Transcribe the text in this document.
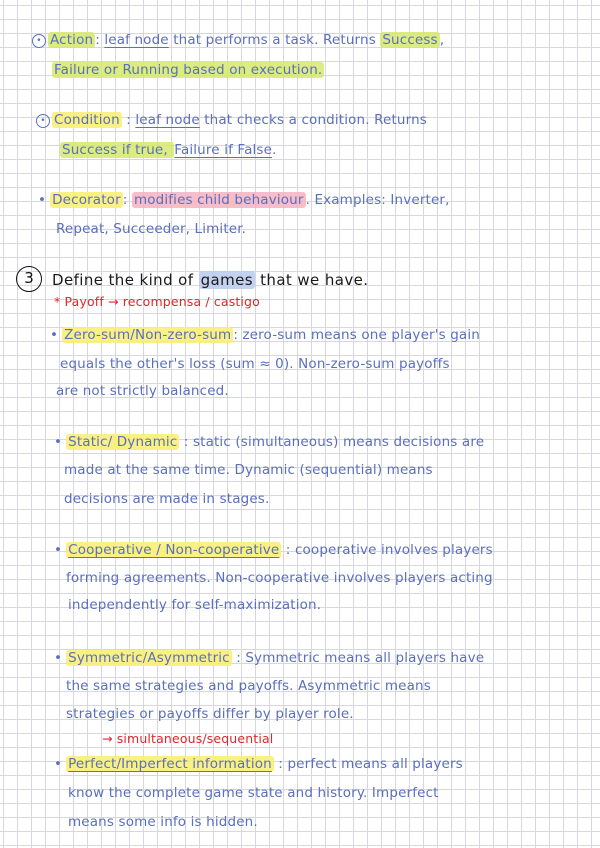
• Action : leaf node that performs a task. Returns Success ,

Failure or Running based on execution.

• Condition : leaf node that checks a condition. Returns

Success if true, Failure if False.

• Decorator : modifies child behaviour . Examples: Inverter,

Repeat, Succeeder, Limiter.

3	Define the kind of games that we have.

* Payoff → recompensa / castigo

• Zero-sum/Non-zero-sum : zero-sum means one player's gain

equals the other's loss (sum ≈ 0). Non-zero-sum payoffs

are not strictly balanced.

• Static/ Dynamic : static (simultaneous) means decisions are

made at the same time. Dynamic (sequential) means

decisions are made in stages.

• Cooperative / Non-cooperative : cooperative involves players

forming agreements. Non-cooperative involves players acting

independently for self-maximization.

• Symmetric/Asymmetric : Symmetric means all players have

the same strategies and payoffs. Asymmetric means

strategies or payoffs differ by player role.

→ simultaneous/sequential

• Perfect/Imperfect information : perfect means all players

know the complete game state and history. Imperfect

means some info is hidden.
